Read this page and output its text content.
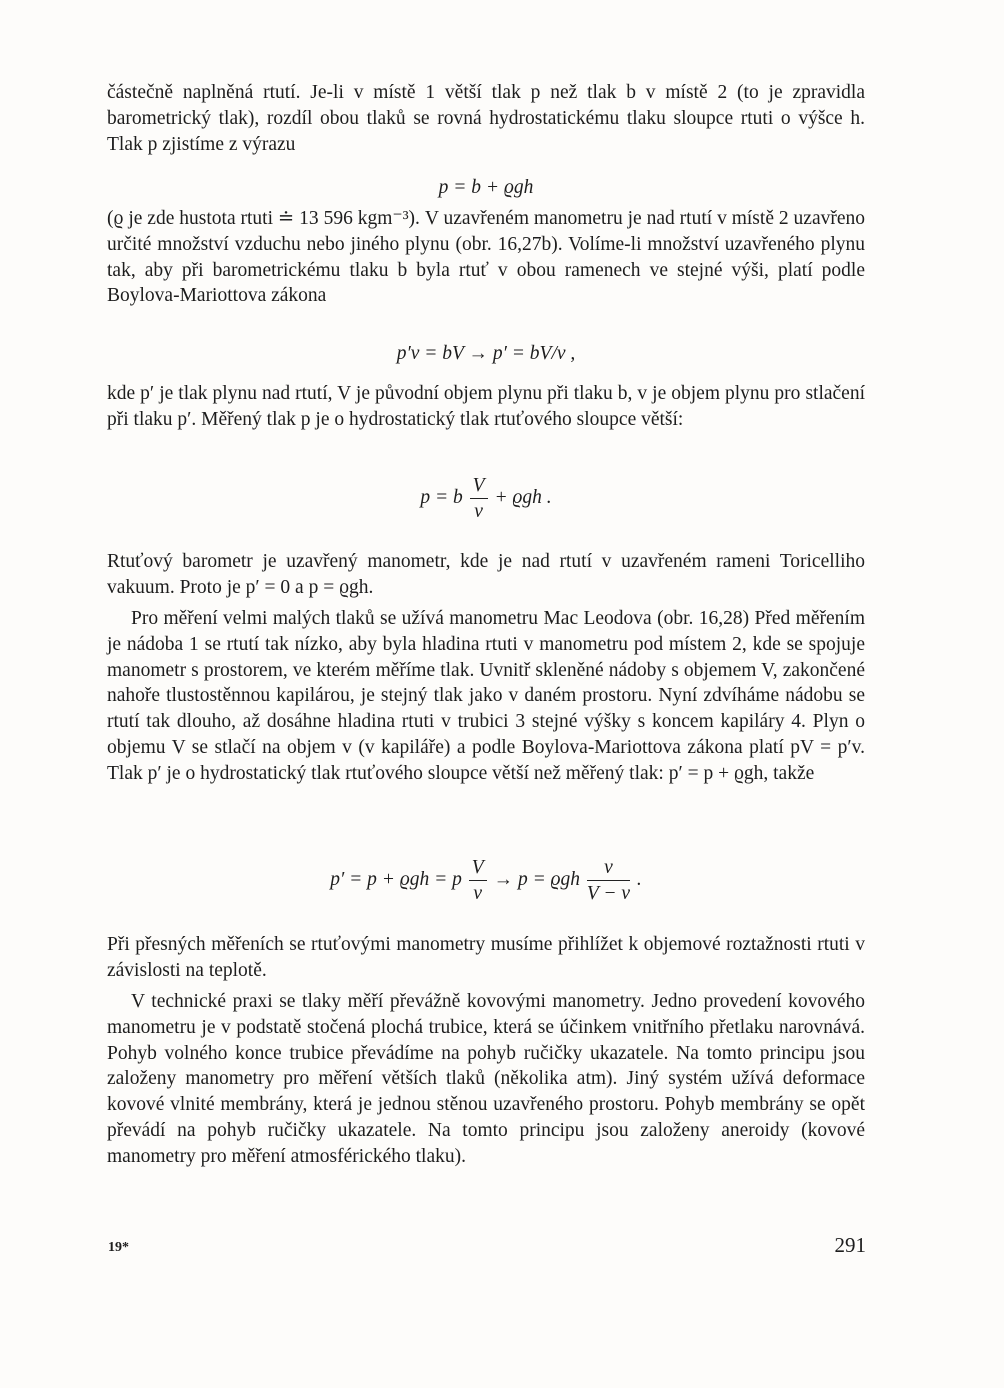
částečně naplněná rtutí. Je-li v místě 1 větší tlak p než tlak b v místě 2 (to je zpravidla barometrický tlak), rozdíl obou tlaků se rovná hydrostatickému tlaku sloupce rtuti o výšce h. Tlak p zjistíme z výrazu

p = b + ϱgh

(ϱ je zde hustota rtuti ≐ 13 596 kgm⁻³). V uzavřeném manometru je nad rtutí v místě 2 uzavřeno určité množství vzduchu nebo jiného plynu (obr. 16,27b). Volíme-li množství uzavřeného plynu tak, aby při barometrickému tlaku b byla rtuť v obou ramenech ve stejné výši, platí podle Boylova-Mariottova zákona

p′v = bV → p′ = bV/v ,

kde p′ je tlak plynu nad rtutí, V je původní objem plynu při tlaku b, v je objem plynu pro stlačení při tlaku p′. Měřený tlak p je o hydrostatický tlak rtuťového sloupce větší:

p = b $\frac{V}{v} + ϱgh$ .

Rtuťový barometr je uzavřený manometr, kde je nad rtutí v uzavřeném rameni Toricelliho vakuum. Proto je p′ = 0 a p = ϱgh.

Pro měření velmi malých tlaků se užívá manometru Mac Leodova (obr. 16,28) Před měřením je nádoba 1 se rtutí tak nízko, aby byla hladina rtuti v manometru pod místem 2, kde se spojuje manometr s prostorem, ve kterém měříme tlak. Uvnitř skleněné nádoby s objemem V, zakončené nahoře tlustostěnnou kapilárou, je stejný tlak jako v daném prostoru. Nyní zdvíháme nádobu se rtutí tak dlouho, až dosáhne hladina rtuti v trubici 3 stejné výšky s koncem kapiláry 4. Plyn o objemu V se stlačí na objem v (v kapiláře) a podle Boylova-Mariottova zákona platí pV = p′v. Tlak p′ je o hydrostatický tlak rtuťového sloupce větší než měřený tlak: p′ = p + ϱgh, takže

p′ = p + ϱgh = p $\frac{V}{v} \to p = ϱgh \frac{v}{V - v}$ .

Při přesných měřeních se rtuťovými manometry musíme přihlížet k objemové roztažnosti rtuti v závislosti na teplotě.

V technické praxi se tlaky měří převážně kovovými manometry. Jedno provedení kovového manometru je v podstatě stočená plochá trubice, která se účinkem vnitřního přetlaku narovnává. Pohyb volného konce trubice převádíme na pohyb ručičky ukazatele. Na tomto principu jsou založeny manometry pro měření větších tlaků (několika atm). Jiný systém užívá deformace kovové vlnité membrány, která je jednou stěnou uzavřeného prostoru. Pohyb membrány se opět převádí na pohyb ručičky ukazatele. Na tomto principu jsou založeny aneroidy (kovové manometry pro měření atmosférického tlaku).

19*	291
